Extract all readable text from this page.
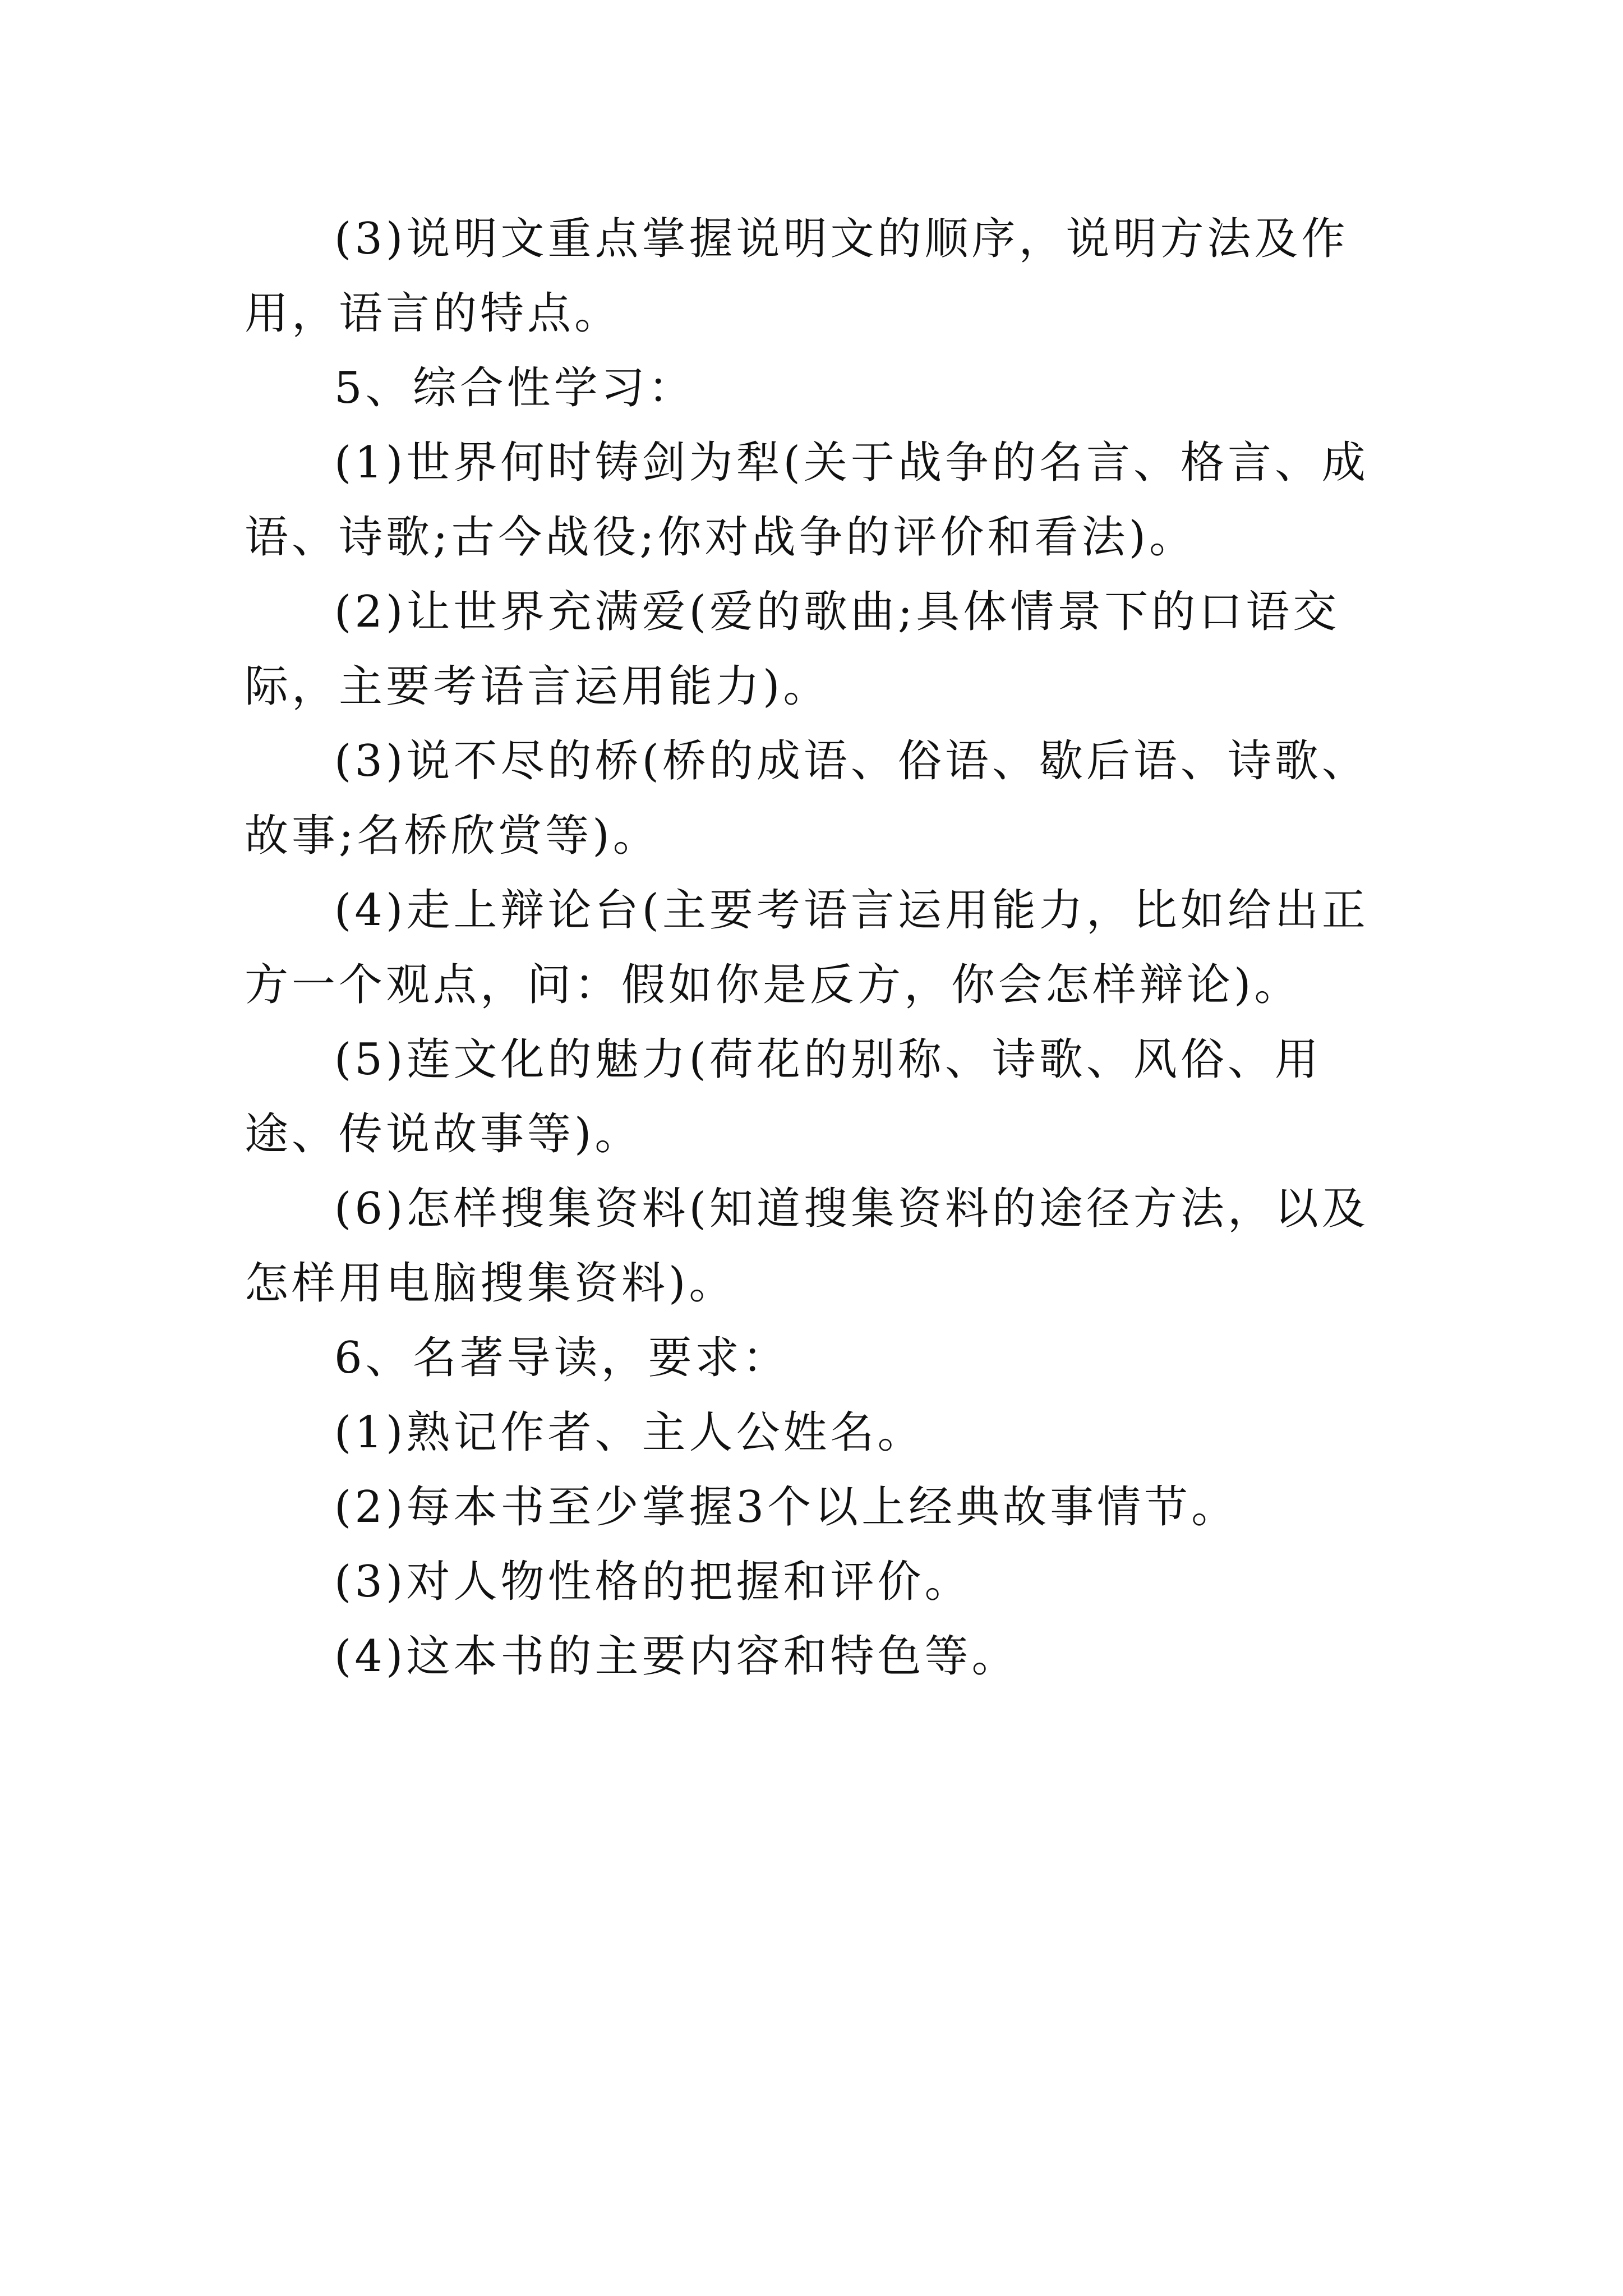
(3)说明文重点掌握说明文的顺序，说明方法及作用，语言的特点。

5、综合性学习：

(1)世界何时铸剑为犁(关于战争的名言、格言、成语、诗歌;古今战役;你对战争的评价和看法)。

(2)让世界充满爱(爱的歌曲;具体情景下的口语交际，主要考语言运用能力)。

(3)说不尽的桥(桥的成语、俗语、歇后语、诗歌、故事;名桥欣赏等)。

(4)走上辩论台(主要考语言运用能力，比如给出正方一个观点，问：假如你是反方，你会怎样辩论)。

(5)莲文化的魅力(荷花的别称、诗歌、风俗、用途、传说故事等)。

(6)怎样搜集资料(知道搜集资料的途径方法，以及怎样用电脑搜集资料)。

6、名著导读，要求：

(1)熟记作者、主人公姓名。

(2)每本书至少掌握3个以上经典故事情节。

(3)对人物性格的把握和评价。

(4)这本书的主要内容和特色等。
